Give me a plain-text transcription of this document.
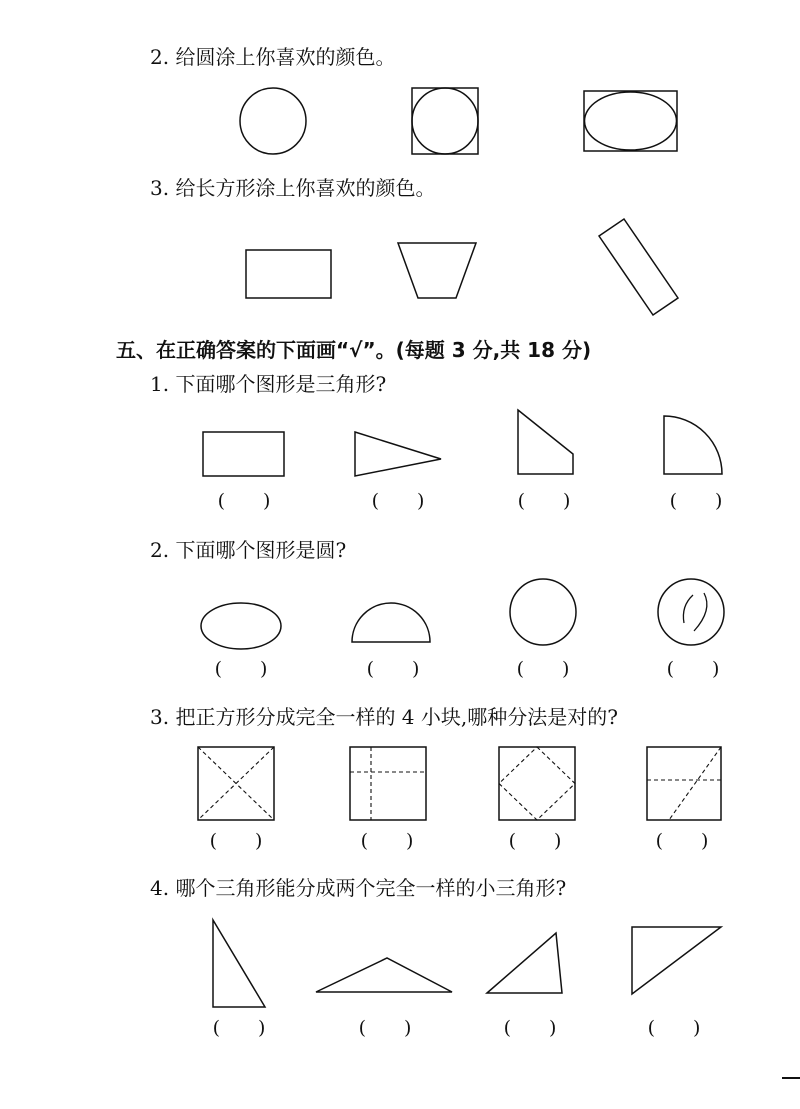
2. 给圆涂上你喜欢的颜色。
3. 给长方形涂上你喜欢的颜色。
五、在正确答案的下面画“√”。(每题 3 分,共 18 分)
1. 下面哪个图形是三角形?
2. 下面哪个图形是圆?
3. 把正方形分成完全一样的 4 小块,哪种分法是对的?
4. 哪个三角形能分成两个完全一样的小三角形?
(　　)	(　　)	(　　)	(　　)
(　　)	(　　)	(　　)	(　　)
(　　)	(　　)	(　　)	(　　)
(　　)	(　　)	(　　)	(　　)
